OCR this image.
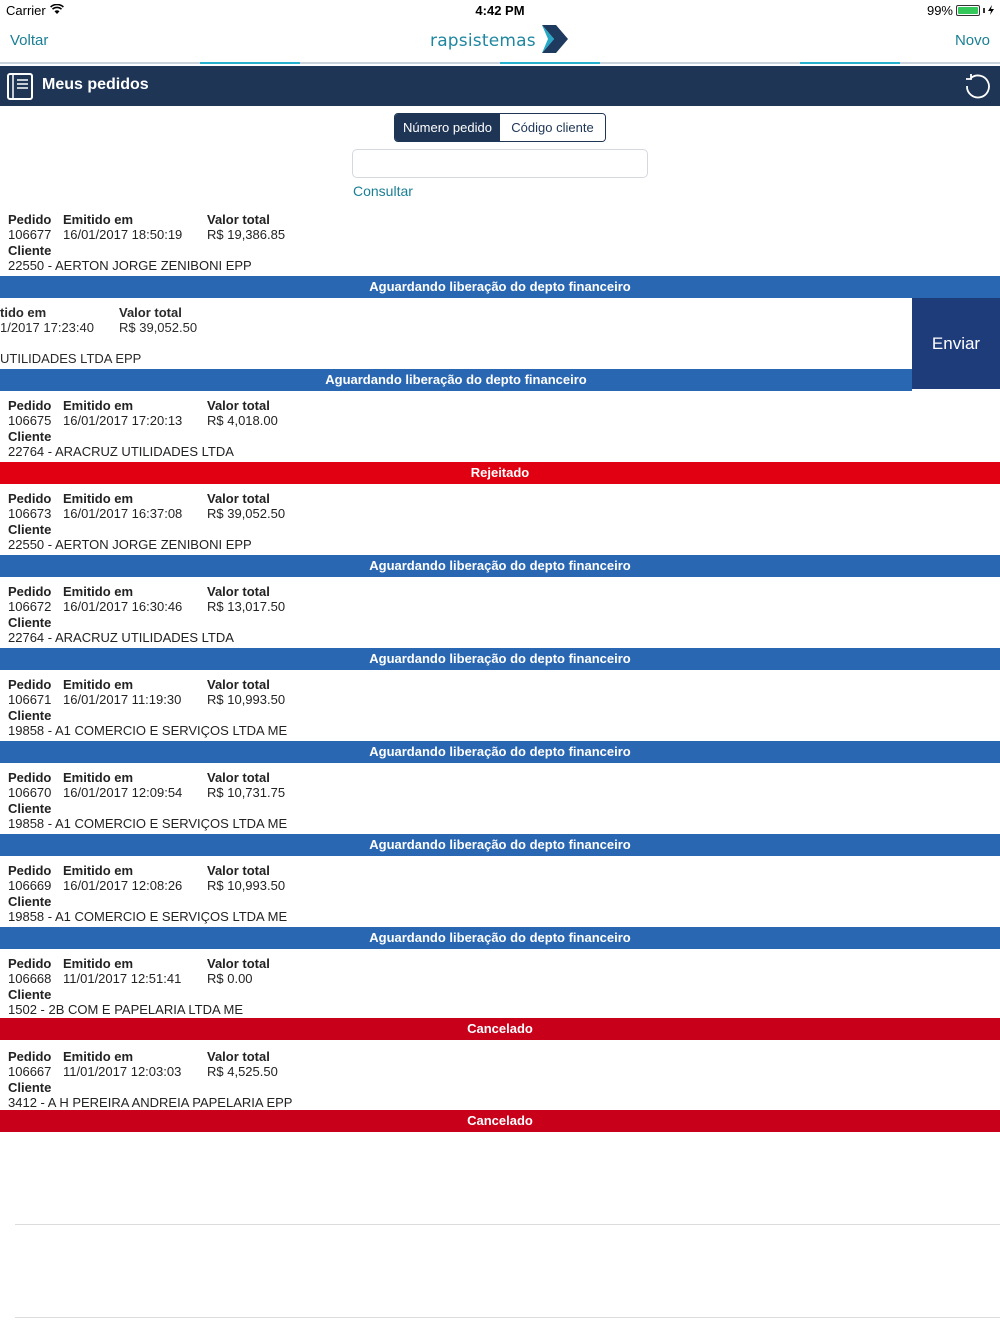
Carrier	4:42 PM	99%
Voltar	rapsistemas	Novo
Meus pedidos
Número pedido	Código cliente
Consultar
Pedido Emitido em	Valor total
106677 16/01/2017 18:50:19 R$ 19,386.85
Cliente
22550 - AERTON JORGE ZENIBONI EPP
Aguardando liberação do depto financeiro
tido em	Valor total
1/2017 17:23:40 R$ 39,052.50
UTILIDADES LTDA EPP
Aguardando liberação do depto financeiro
Enviar
Pedido Emitido em	Valor total
106675 16/01/2017 17:20:13 R$ 4,018.00
Cliente
22764 - ARACRUZ UTILIDADES LTDA
Rejeitado
Pedido Emitido em	Valor total
106673 16/01/2017 16:37:08 R$ 39,052.50
Cliente
22550 - AERTON JORGE ZENIBONI EPP
Aguardando liberação do depto financeiro
Pedido Emitido em	Valor total
106672 16/01/2017 16:30:46 R$ 13,017.50
Cliente
22764 - ARACRUZ UTILIDADES LTDA
Aguardando liberação do depto financeiro
Pedido Emitido em	Valor total
106671 16/01/2017 11:19:30 R$ 10,993.50
Cliente
19858 - A1 COMERCIO E SERVIÇOS LTDA ME
Aguardando liberação do depto financeiro
Pedido Emitido em	Valor total
106670 16/01/2017 12:09:54 R$ 10,731.75
Cliente
19858 - A1 COMERCIO E SERVIÇOS LTDA ME
Aguardando liberação do depto financeiro
Pedido Emitido em	Valor total
106669 16/01/2017 12:08:26 R$ 10,993.50
Cliente
19858 - A1 COMERCIO E SERVIÇOS LTDA ME
Aguardando liberação do depto financeiro
Pedido Emitido em	Valor total
106668 11/01/2017 12:51:41 R$ 0.00
Cliente
1502 - 2B COM E PAPELARIA LTDA ME
Cancelado
Pedido Emitido em	Valor total
106667 11/01/2017 12:03:03 R$ 4,525.50
Cliente
3412 - A H PEREIRA ANDREIA PAPELARIA EPP
Cancelado
